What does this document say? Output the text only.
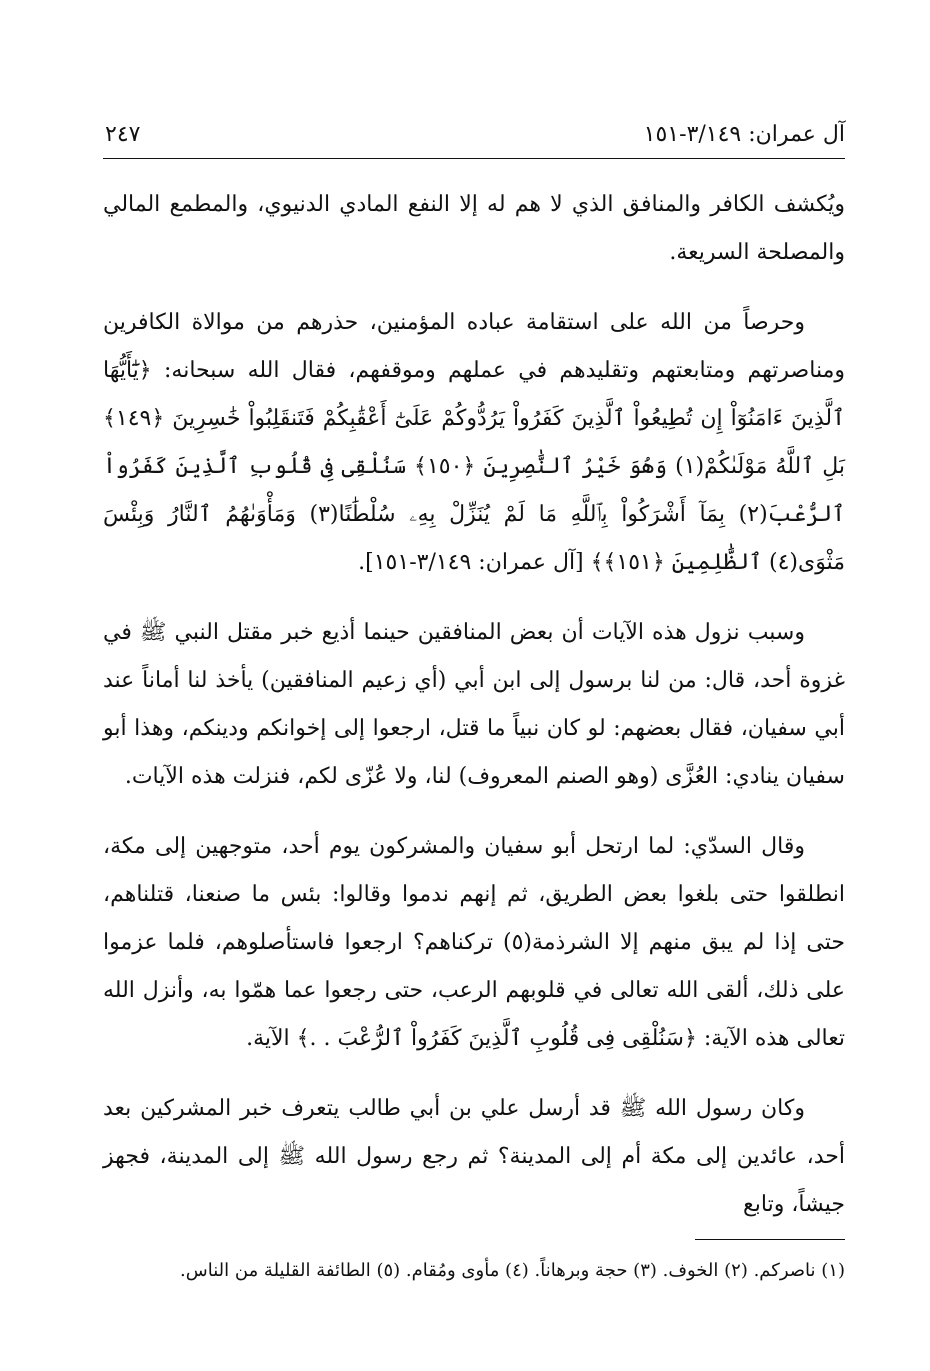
آل عمران: ٣/١٤٩-١٥١
٢٤٧

ويُكشف الكافر والمنافق الذي لا هم له إلا النفع المادي الدنيوي، والمطمع المالي والمصلحة السريعة.

وحرصاً من الله على استقامة عباده المؤمنين، حذرهم من موالاة الكافرين ومناصرتهم ومتابعتهم وتقليدهم في عملهم وموقفهم، فقال الله سبحانه: ﴿يَٰٓأَيُّهَا ٱلَّذِينَ ءَامَنُوٓاْ إِن تُطِيعُواْ ٱلَّذِينَ كَفَرُواْ يَرُدُّوكُمْ عَلَىٰٓ أَعْقَٰبِكُمْ فَتَنقَلِبُواْ خَٰسِرِينَ ﴿١٤٩﴾ بَلِ ٱللَّهُ مَوْلَىٰكُمْ(١) وَهُوَ خَيْرُ ٱلنَّٰصِرِينَ ﴿١٥٠﴾ سَنُلْقِى فِى قُلُوبِ ٱلَّذِينَ كَفَرُواْ ٱلرُّعْبَ(٢) بِمَآ أَشْرَكُواْ بِٱللَّهِ مَا لَمْ يُنَزِّلْ بِهِۦ سُلْطَٰنًا(٣) وَمَأْوَىٰهُمُ ٱلنَّارُ وَبِئْسَ مَثْوَى(٤) ٱلظَّٰلِمِينَ ﴿١٥١﴾﴾ [آل عمران: ٣/١٤٩-١٥١].

وسبب نزول هذه الآيات أن بعض المنافقين حينما أذيع خبر مقتل النبي ﷺ في غزوة أحد، قال: من لنا برسول إلى ابن أبي (أي زعيم المنافقين) يأخذ لنا أماناً عند أبي سفيان، فقال بعضهم: لو كان نبياً ما قتل، ارجعوا إلى إخوانكم ودينكم، وهذا أبو سفيان ينادي: العُزَّى (وهو الصنم المعروف) لنا، ولا عُزّى لكم، فنزلت هذه الآيات.

وقال السدّي: لما ارتحل أبو سفيان والمشركون يوم أحد، متوجهين إلى مكة، انطلقوا حتى بلغوا بعض الطريق، ثم إنهم ندموا وقالوا: بئس ما صنعنا، قتلناهم، حتى إذا لم يبق منهم إلا الشرذمة(٥) تركناهم؟ ارجعوا فاستأصلوهم، فلما عزموا على ذلك، ألقى الله تعالى في قلوبهم الرعب، حتى رجعوا عما همّوا به، وأنزل الله تعالى هذه الآية: ﴿سَنُلْقِى فِى قُلُوبِ ٱلَّذِينَ كَفَرُواْ ٱلرُّعْبَ . .﴾ الآية.

وكان رسول الله ﷺ قد أرسل علي بن أبي طالب يتعرف خبر المشركين بعد أحد، عائدين إلى مكة أم إلى المدينة؟ ثم رجع رسول الله ﷺ إلى المدينة، فجهز جيشاً، وتابع

(١) ناصركم. (٢) الخوف. (٣) حجة وبرهاناً. (٤) مأوى ومُقام. (٥) الطائفة القليلة من الناس.
